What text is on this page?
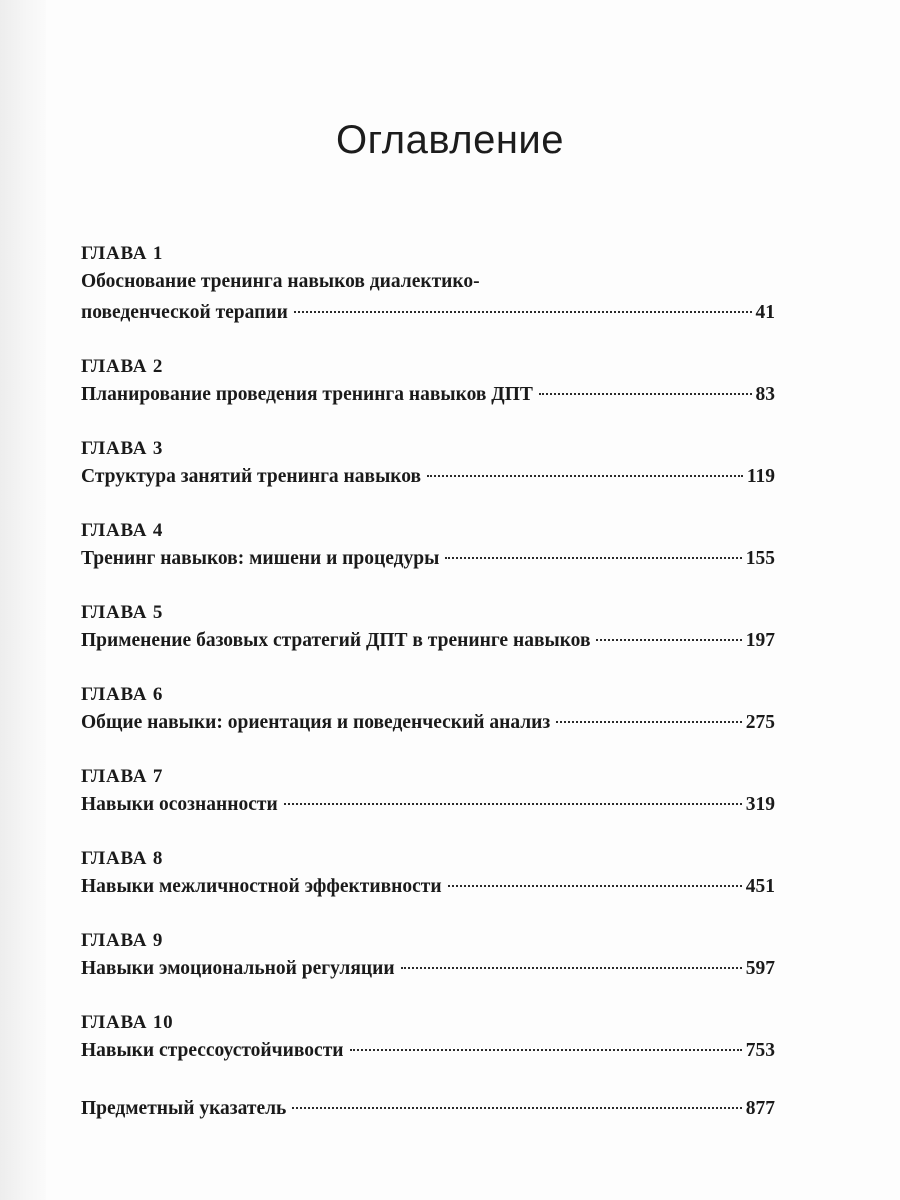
Оглавление
ГЛАВА 1
Обоснование тренинга навыков диалектико-
поведенческой терапии	41
ГЛАВА 2
Планирование проведения тренинга навыков ДПТ	83
ГЛАВА 3
Структура занятий тренинга навыков	119
ГЛАВА 4
Тренинг навыков: мишени и процедуры	155
ГЛАВА 5
Применение базовых стратегий ДПТ в тренинге навыков	197
ГЛАВА 6
Общие навыки: ориентация и поведенческий анализ	275
ГЛАВА 7
Навыки осознанности	319
ГЛАВА 8
Навыки межличностной эффективности	451
ГЛАВА 9
Навыки эмоциональной регуляции	597
ГЛАВА 10
Навыки стрессоустойчивости	753
Предметный указатель	877
